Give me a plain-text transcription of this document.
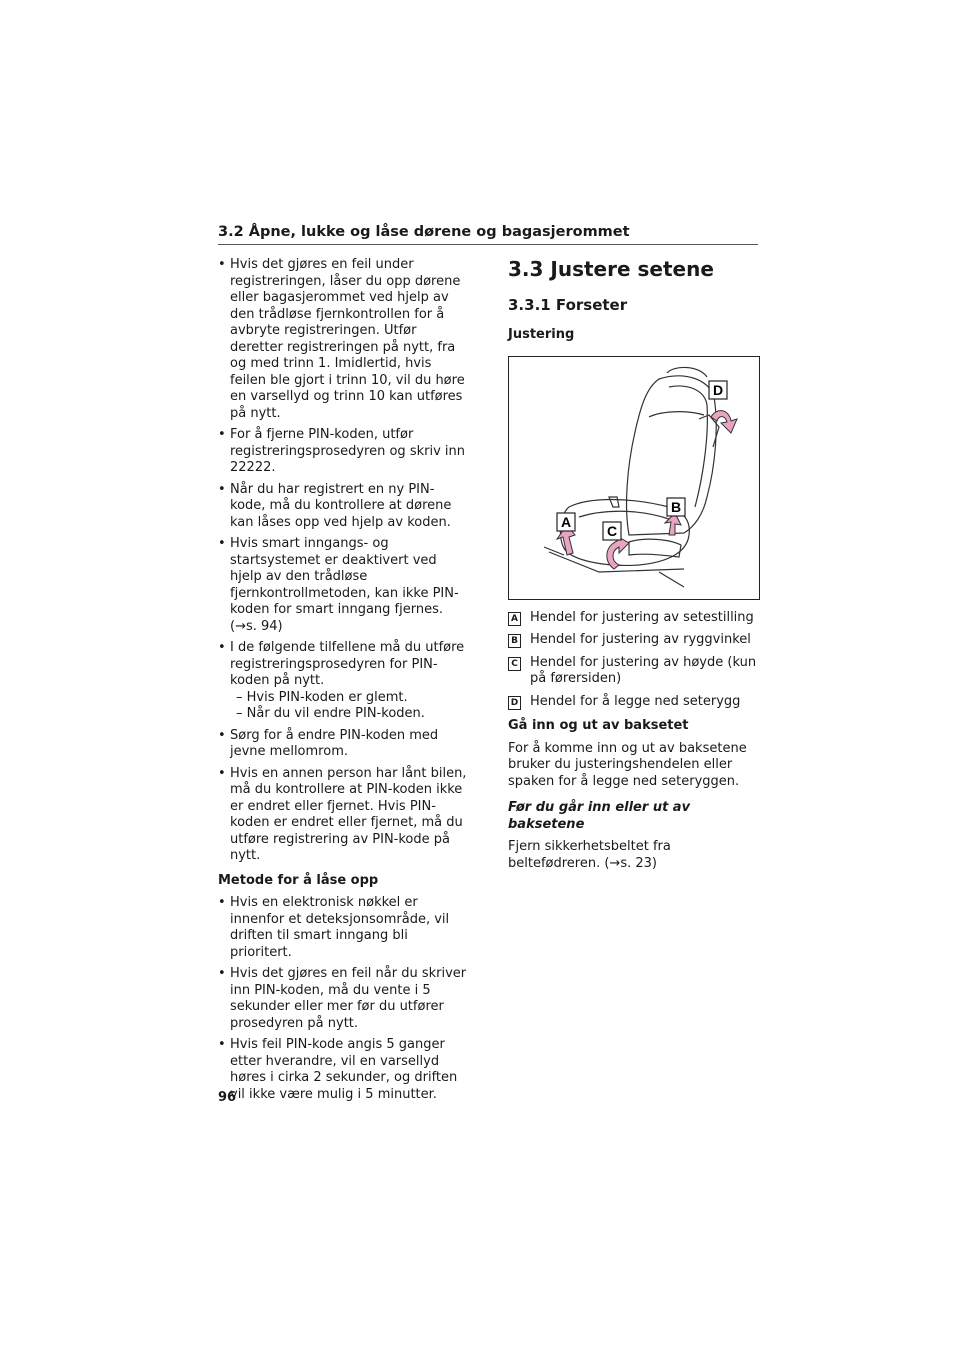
3.2 Åpne, lukke og låse dørene og bagasjerommet
• Hvis det gjøres en feil under registreringen, låser du opp dørene eller bagasjerommet ved hjelp av den trådløse fjernkontrollen for å avbryte registreringen. Utfør deretter registreringen på nytt, fra og med trinn 1. Imidlertid, hvis feilen ble gjort i trinn 10, vil du høre en varsellyd og trinn 10 kan utføres på nytt.
• For å fjerne PIN-koden, utfør registreringsprosedyren og skriv inn 22222.
• Når du har registrert en ny PIN-kode, må du kontrollere at dørene kan låses opp ved hjelp av koden.
• Hvis smart inngangs- og startsystemet er deaktivert ved hjelp av den trådløse fjernkontrollmetoden, kan ikke PIN-koden for smart inngang fjernes. (→s. 94)
• I de følgende tilfellene må du utføre registreringsprosedyren for PIN-koden på nytt.
– Hvis PIN-koden er glemt.
– Når du vil endre PIN-koden.
• Sørg for å endre PIN-koden med jevne mellomrom.
• Hvis en annen person har lånt bilen, må du kontrollere at PIN-koden ikke er endret eller fjernet. Hvis PIN-koden er endret eller fjernet, må du utføre registrering av PIN-kode på nytt.
Metode for å låse opp
• Hvis en elektronisk nøkkel er innenfor et deteksjonsområde, vil driften til smart inngang bli prioritert.
• Hvis det gjøres en feil når du skriver inn PIN-koden, må du vente i 5 sekunder eller mer før du utfører prosedyren på nytt.
• Hvis feil PIN-kode angis 5 ganger etter hverandre, vil en varsellyd høres i cirka 2 sekunder, og driften vil ikke være mulig i 5 minutter.
3.3 Justere setene
3.3.1 Forseter
Justering
A
B
C
D
A Hendel for justering av setestilling
B Hendel for justering av ryggvinkel
C Hendel for justering av høyde (kun på førersiden)
D Hendel for å legge ned seterygg
Gå inn og ut av baksetet

For å komme inn og ut av baksetene bruker du justeringshendelen eller spaken for å legge ned seteryggen.

Før du går inn eller ut av baksetene

Fjern sikkerhetsbeltet fra beltefødreren. (→s. 23)

96
